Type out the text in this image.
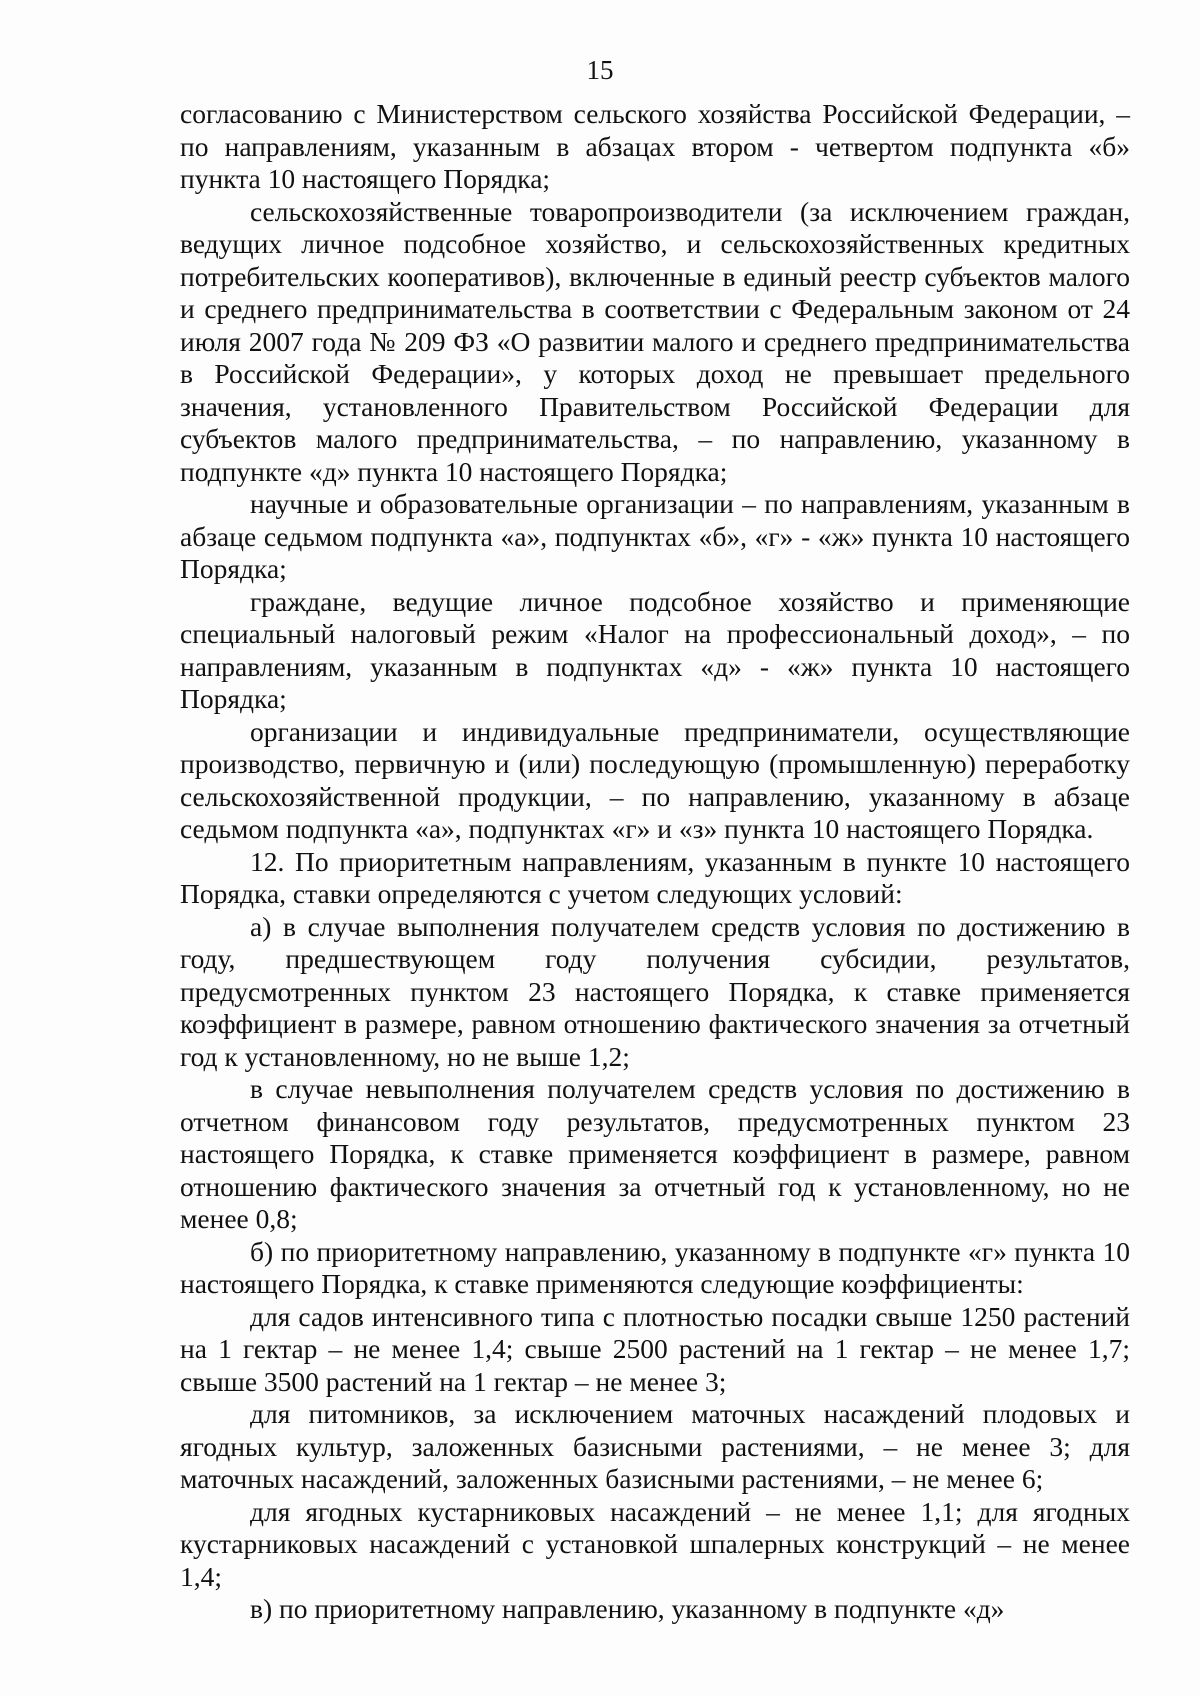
15

согласованию с Министерством сельского хозяйства Российской Федерации, – по направлениям, указанным в абзацах втором - четвертом подпункта «б» пункта 10 настоящего Порядка;

сельскохозяйственные товаропроизводители (за исключением граждан, ведущих личное подсобное хозяйство, и сельскохозяйственных кредитных потребительских кооперативов), включенные в единый реестр субъектов малого и среднего предпринимательства в соответствии с Федеральным законом от 24 июля 2007 года № 209 ФЗ «О развитии малого и среднего предпринимательства в Российской Федерации», у которых доход не превышает предельного значения, установленного Правительством Российской Федерации для субъектов малого предпринимательства, – по направлению, указанному в подпункте «д» пункта 10 настоящего Порядка;

научные и образовательные организации – по направлениям, указанным в абзаце седьмом подпункта «а», подпунктах «б», «г» - «ж» пункта 10 настоящего Порядка;

граждане, ведущие личное подсобное хозяйство и применяющие специальный налоговый режим «Налог на профессиональный доход», – по направлениям, указанным в подпунктах «д» - «ж» пункта 10 настоящего Порядка;

организации и индивидуальные предприниматели, осуществляющие производство, первичную и (или) последующую (промышленную) переработку сельскохозяйственной продукции, – по направлению, указанному в абзаце седьмом подпункта «а», подпунктах «г» и «з» пункта 10 настоящего Порядка.

12. По приоритетным направлениям, указанным в пункте 10 настоящего Порядка, ставки определяются с учетом следующих условий:

а) в случае выполнения получателем средств условия по достижению в году, предшествующем году получения субсидии, результатов, предусмотренных пунктом 23 настоящего Порядка, к ставке применяется коэффициент в размере, равном отношению фактического значения за отчетный год к установленному, но не выше 1,2;

в случае невыполнения получателем средств условия по достижению в отчетном финансовом году результатов, предусмотренных пунктом 23 настоящего Порядка, к ставке применяется коэффициент в размере, равном отношению фактического значения за отчетный год к установленному, но не менее 0,8;

б) по приоритетному направлению, указанному в подпункте «г» пункта 10 настоящего Порядка, к ставке применяются следующие коэффициенты:

для садов интенсивного типа с плотностью посадки свыше 1250 растений на 1 гектар – не менее 1,4; свыше 2500 растений на 1 гектар – не менее 1,7; свыше 3500 растений на 1 гектар – не менее 3;

для питомников, за исключением маточных насаждений плодовых и ягодных культур, заложенных базисными растениями, – не менее 3; для маточных насаждений, заложенных базисными растениями, – не менее 6;

для ягодных кустарниковых насаждений – не менее 1,1; для ягодных кустарниковых насаждений с установкой шпалерных конструкций – не менее 1,4;

в) по приоритетному направлению, указанному в подпункте «д»
